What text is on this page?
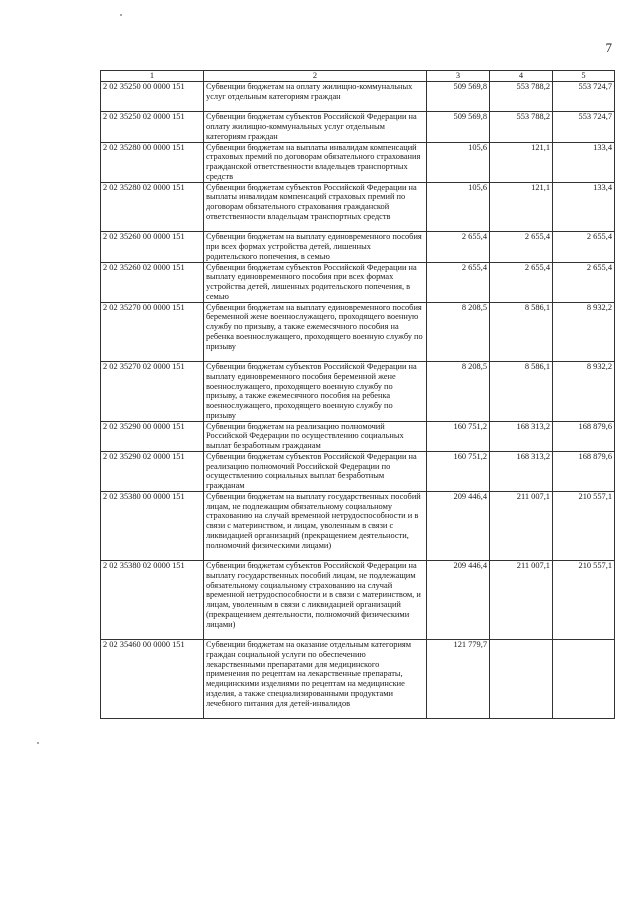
7
1	2	3	4	5
2 02 35250 00 0000 151	Субвенции бюджетам на оплату жилищно-коммунальных услуг отдельным категориям граждан	509 569,8	553 788,2	553 724,7
2 02 35250 02 0000 151	Субвенции бюджетам субъектов Российской Федерации на оплату жилищно-коммунальных услуг отдельным категориям граждан	509 569,8	553 788,2	553 724,7
2 02 35280 00 0000 151	Субвенции бюджетам на выплаты инвалидам компенсаций страховых премий по договорам обязательного страхования гражданской ответственности владельцев транспортных средств	105,6	121,1	133,4
2 02 35280 02 0000 151	Субвенции бюджетам субъектов Российской Федерации на выплаты инвалидам компенсаций страховых премий по договорам обязательного страхования гражданской ответственности владельцам транспортных средств	105,6	121,1	133,4
2 02 35260 00 0000 151	Субвенции бюджетам на выплату единовременного пособия при всех формах устройства детей, лишенных родительского попечения, в семью	2 655,4	2 655,4	2 655,4
2 02 35260 02 0000 151	Субвенции бюджетам субъектов Российской Федерации на выплату единовременного пособия при всех формах устройства детей, лишенных родительского попечения, в семью	2 655,4	2 655,4	2 655,4
2 02 35270 00 0000 151	Субвенции бюджетам на выплату единовременного пособия беременной жене военнослужащего, проходящего военную службу по призыву, а также ежемесячного пособия на ребенка военнослужащего, проходящего военную службу по призыву	8 208,5	8 586,1	8 932,2
2 02 35270 02 0000 151	Субвенции бюджетам субъектов Российской Федерации на выплату единовременного пособия беременной жене военнослужащего, проходящего военную службу по призыву, а также ежемесячного пособия на ребенка военнослужащего, проходящего военную службу по призыву	8 208,5	8 586,1	8 932,2
2 02 35290 00 0000 151	Субвенции бюджетам на реализацию полномочий Российской Федерации по осуществлению социальных выплат безработным гражданам	160 751,2	168 313,2	168 879,6
2 02 35290 02 0000 151	Субвенции бюджетам субъектов Российской Федерации на реализацию полномочий Российской Федерации по осуществлению социальных выплат безработным гражданам	160 751,2	168 313,2	168 879,6
2 02 35380 00 0000 151	Субвенции бюджетам на выплату государственных пособий лицам, не подлежащим обязательному социальному страхованию на случай временной нетрудоспособности и в связи с материнством, и лицам, уволенным в связи с ликвидацией организаций (прекращением деятельности, полномочий физическими лицами)	209 446,4	211 007,1	210 557,1
2 02 35380 02 0000 151	Субвенции бюджетам субъектов Российской Федерации на выплату государственных пособий лицам, не подлежащим обязательному социальному страхованию на случай временной нетрудоспособности и в связи с материнством, и лицам, уволенным в связи с ликвидацией организаций (прекращением деятельности, полномочий физическими лицами)	209 446,4	211 007,1	210 557,1
2 02 35460 00 0000 151	Субвенции бюджетам на оказание отдельным категориям граждан социальной услуги по обеспечению лекарственными препаратами для медицинского применения по рецептам на лекарственные препараты, медицинскими изделиями по рецептам на медицинские изделия, а также специализированными продуктами лечебного питания для детей-инвалидов	121 779,7		
